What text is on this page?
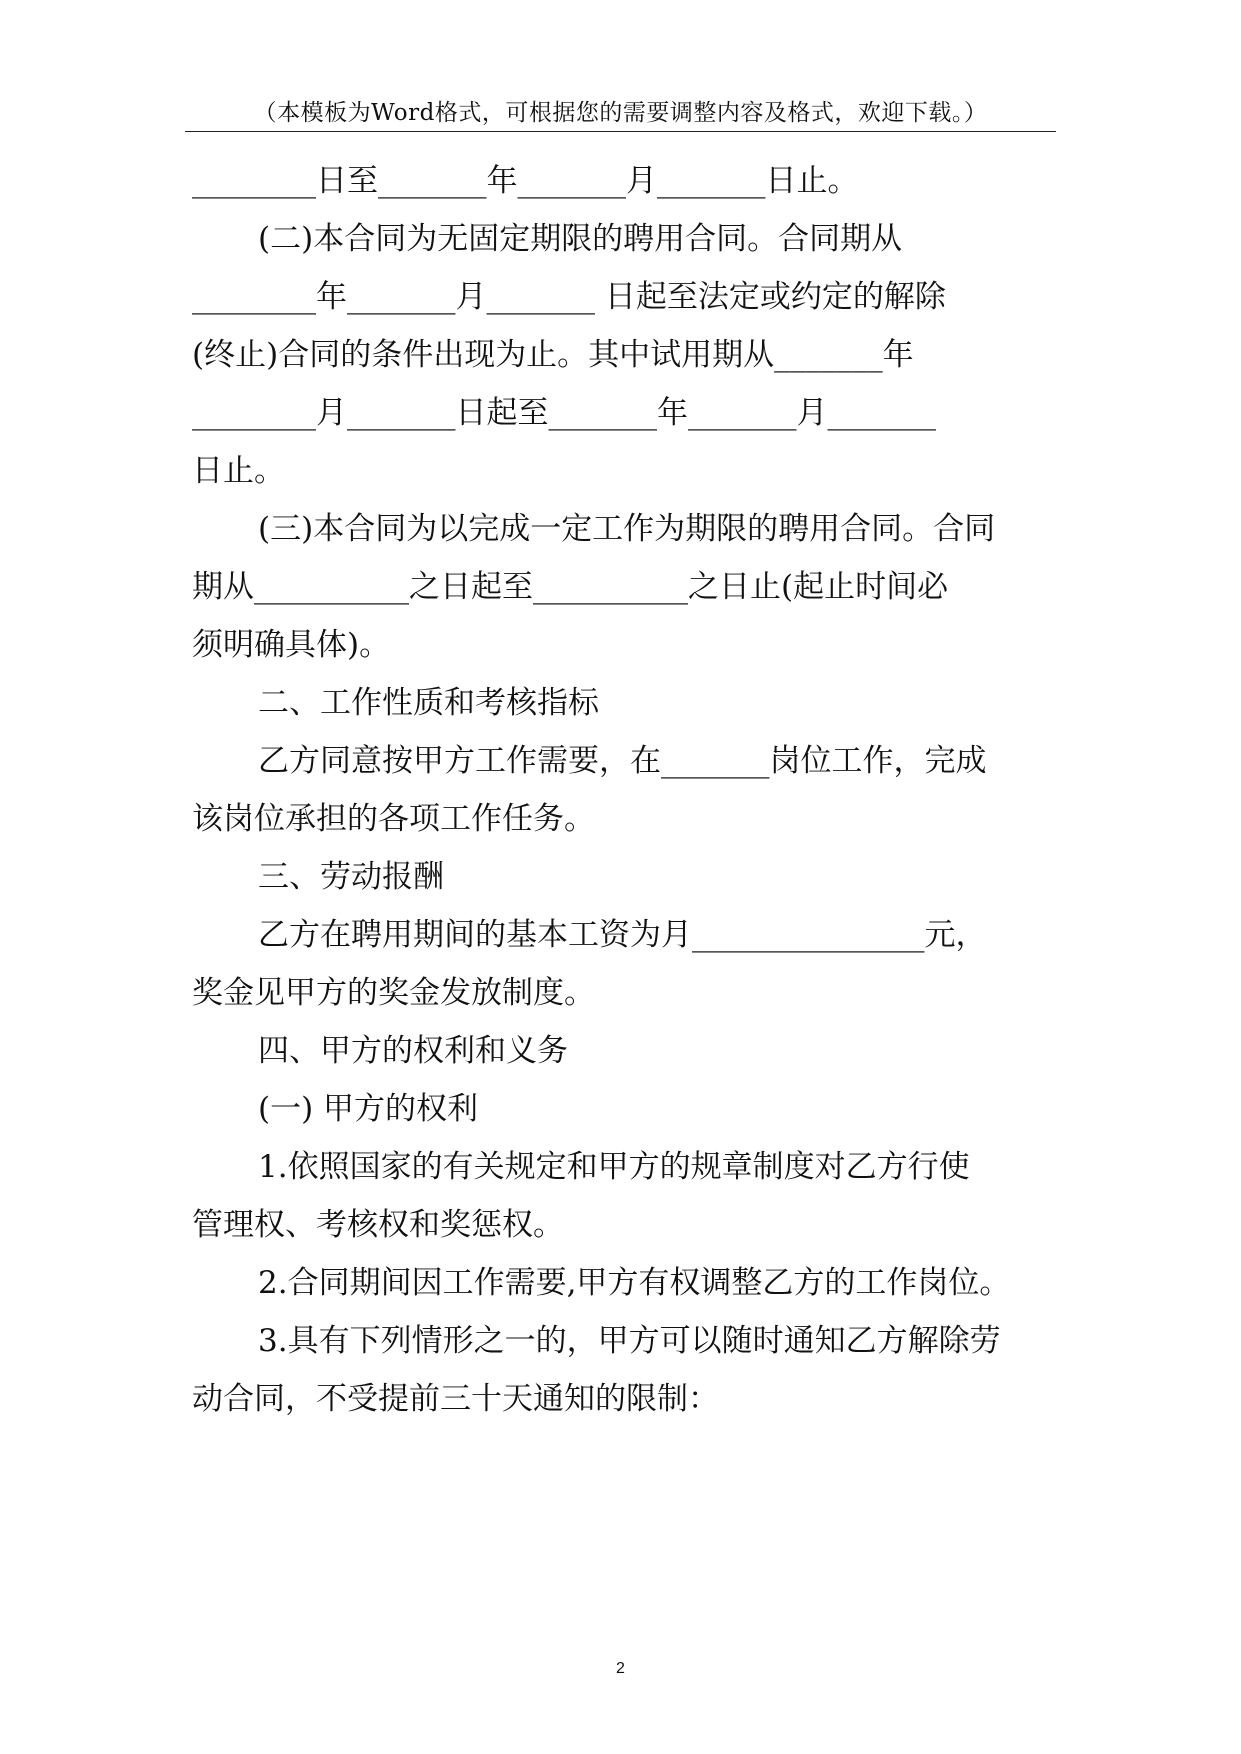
（本模板为Word格式，可根据您的需要调整内容及格式，欢迎下载。）
________日至_______年_______月_______日止。
(二)本合同为无固定期限的聘用合同。合同期从
________年_______月_______ 日起至法定或约定的解除
(终止)合同的条件出现为止。其中试用期从_______年
________月_______日起至_______年_______月_______
日止。
(三)本合同为以完成一定工作为期限的聘用合同。合同
期从__________之日起至__________之日止(起止时间必
须明确具体)。
二、工作性质和考核指标
乙方同意按甲方工作需要，在_______岗位工作，完成
该岗位承担的各项工作任务。
三、劳动报酬
乙方在聘用期间的基本工资为月_______________元，
奖金见甲方的奖金发放制度。
四、甲方的权利和义务
(一) 甲方的权利
1.依照国家的有关规定和甲方的规章制度对乙方行使
管理权、考核权和奖惩权。
2.合同期间因工作需要,甲方有权调整乙方的工作岗位。
3.具有下列情形之一的，甲方可以随时通知乙方解除劳
动合同，不受提前三十天通知的限制：
2
